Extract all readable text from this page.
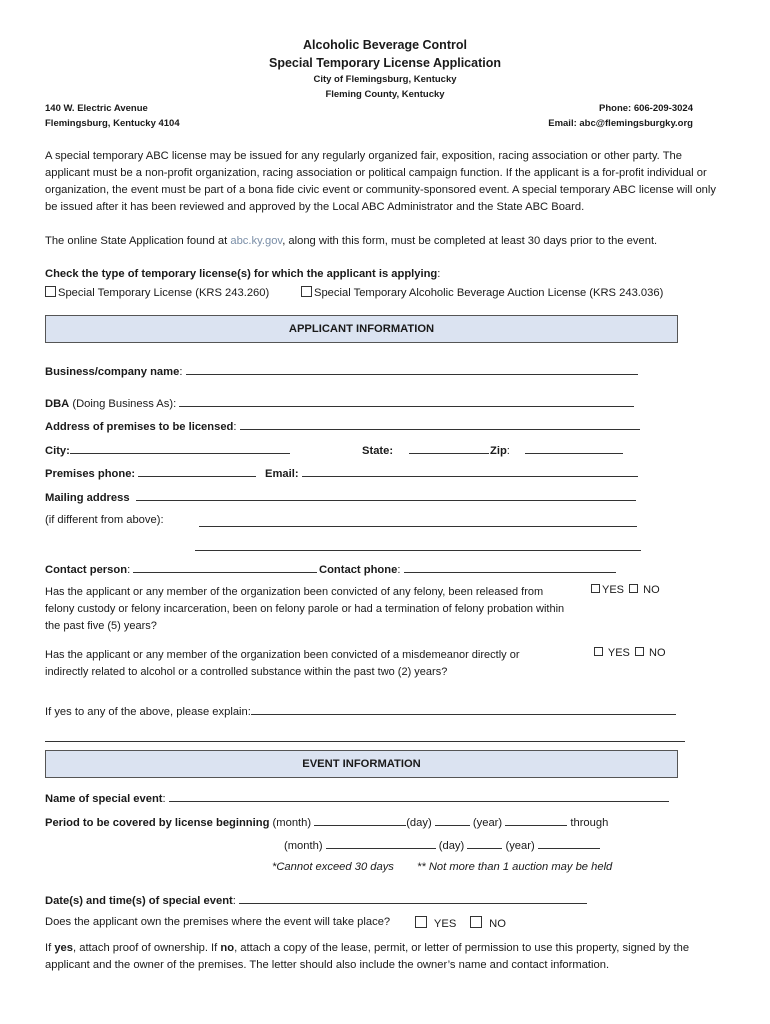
Alcoholic Beverage Control
Special Temporary License Application
City of Flemingsburg, Kentucky
Fleming County, Kentucky
140 W. Electric Avenue
Flemingsburg, Kentucky 4104
Phone: 606-209-3024
Email: abc@flemingsburgky.org
A special temporary ABC license may be issued for any regularly organized fair, exposition, racing association or other party. The applicant must be a non-profit organization, racing association or political campaign function. If the applicant is a for-profit individual or organization, the event must be part of a bona fide civic event or community-sponsored event. A special temporary ABC license will only be issued after it has been reviewed and approved by the Local ABC Administrator and the State ABC Board.
The online State Application found at abc.ky.gov, along with this form, must be completed at least 30 days prior to the event.
Check the type of temporary license(s) for which the applicant is applying:
Special Temporary License (KRS 243.260)	Special Temporary Alcoholic Beverage Auction License (KRS 243.036)
APPLICANT INFORMATION
Business/company name:
DBA (Doing Business As):
Address of premises to be licensed:
City:	State:	Zip:
Premises phone:	Email:
Mailing address
(if different from above):
Contact person:	Contact phone:
Has the applicant or any member of the organization been convicted of any felony, been released from felony custody or felony incarceration, been on felony parole or had a termination of felony probation within the past five (5) years?
YES NO
Has the applicant or any member of the organization been convicted of a misdemeanor directly or indirectly related to alcohol or a controlled substance within the past two (2) years?
YES NO
If yes to any of the above, please explain:
EVENT INFORMATION
Name of special event:
Period to be covered by license beginning (month)	(day)	(year)	through
(month)	(day)	(year)
*Cannot exceed 30 days ** Not more than 1 auction may be held
Date(s) and time(s) of special event:
Does the applicant own the premises where the event will take place?	YES	NO
If yes, attach proof of ownership. If no, attach a copy of the lease, permit, or letter of permission to use this property, signed by the applicant and the owner of the premises. The letter should also include the owner’s name and contact information.
